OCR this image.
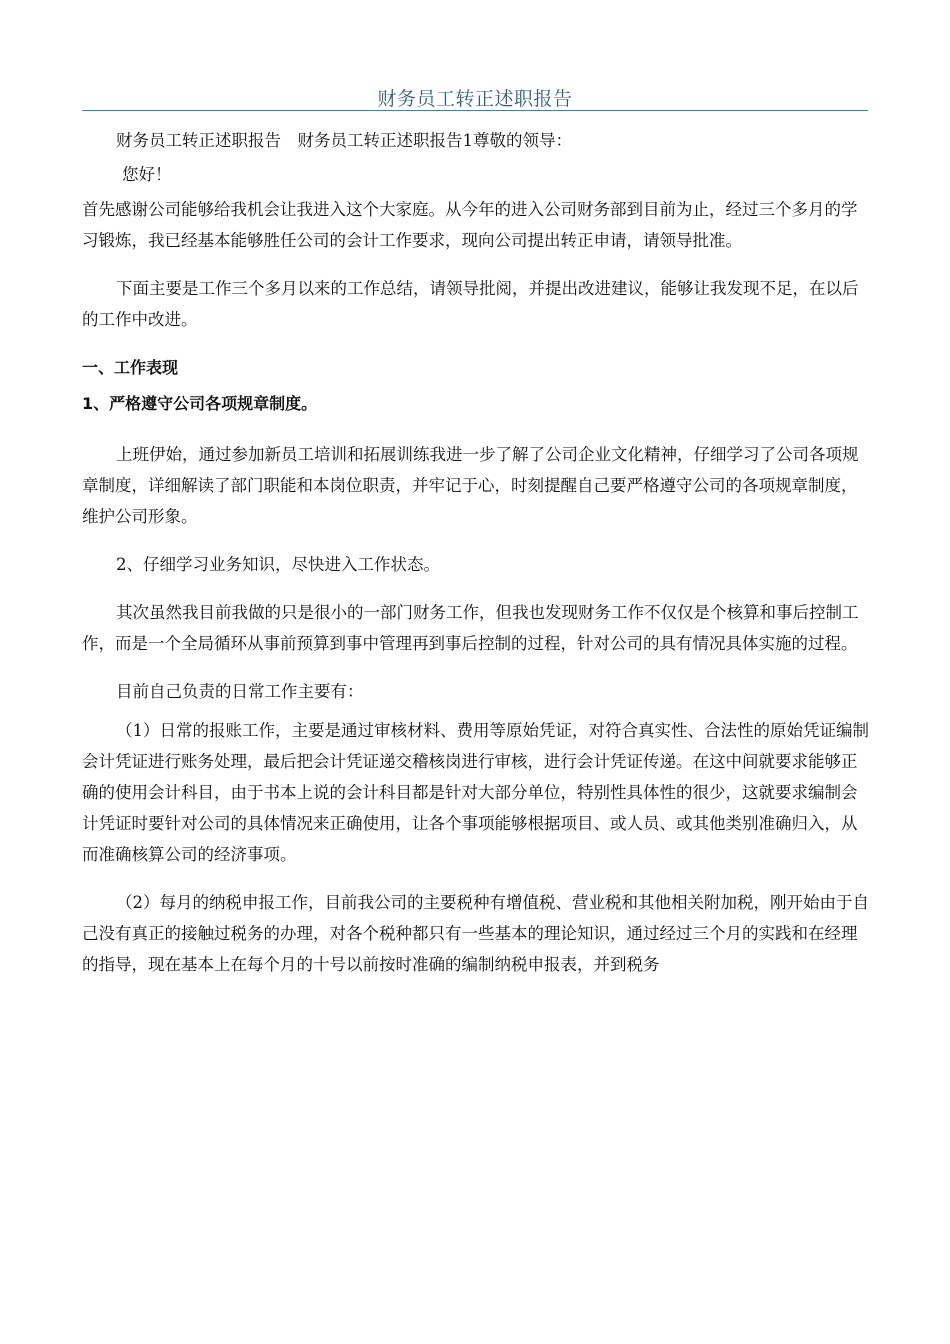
财务员工转正述职报告

财务员工转正述职报告　财务员工转正述职报告1尊敬的领导：

您好！

首先感谢公司能够给我机会让我进入这个大家庭。从今年的进入公司财务部到目前为止，经过三个多月的学习锻炼，我已经基本能够胜任公司的会计工作要求，现向公司提出转正申请，请领导批准。

下面主要是工作三个多月以来的工作总结，请领导批阅，并提出改进建议，能够让我发现不足，在以后的工作中改进。

一、工作表现

1、严格遵守公司各项规章制度。

上班伊始，通过参加新员工培训和拓展训练我进一步了解了公司企业文化精神，仔细学习了公司各项规章制度，详细解读了部门职能和本岗位职责，并牢记于心，时刻提醒自己要严格遵守公司的各项规章制度，维护公司形象。

2、仔细学习业务知识，尽快进入工作状态。

其次虽然我目前我做的只是很小的一部门财务工作，但我也发现财务工作不仅仅是个核算和事后控制工作，而是一个全局循环从事前预算到事中管理再到事后控制的过程，针对公司的具有情况具体实施的过程。

目前自己负责的日常工作主要有：

（1）日常的报账工作，主要是通过审核材料、费用等原始凭证，对符合真实性、合法性的原始凭证编制会计凭证进行账务处理，最后把会计凭证递交稽核岗进行审核，进行会计凭证传递。在这中间就要求能够正确的使用会计科目，由于书本上说的会计科目都是针对大部分单位，特别性具体性的很少，这就要求编制会计凭证时要针对公司的具体情况来正确使用，让各个事项能够根据项目、或人员、或其他类别准确归入，从而准确核算公司的经济事项。

（2）每月的纳税申报工作，目前我公司的主要税种有增值税、营业税和其他相关附加税，刚开始由于自己没有真正的接触过税务的办理，对各个税种都只有一些基本的理论知识，通过经过三个月的实践和在经理的指导，现在基本上在每个月的十号以前按时准确的编制纳税申报表，并到税务
